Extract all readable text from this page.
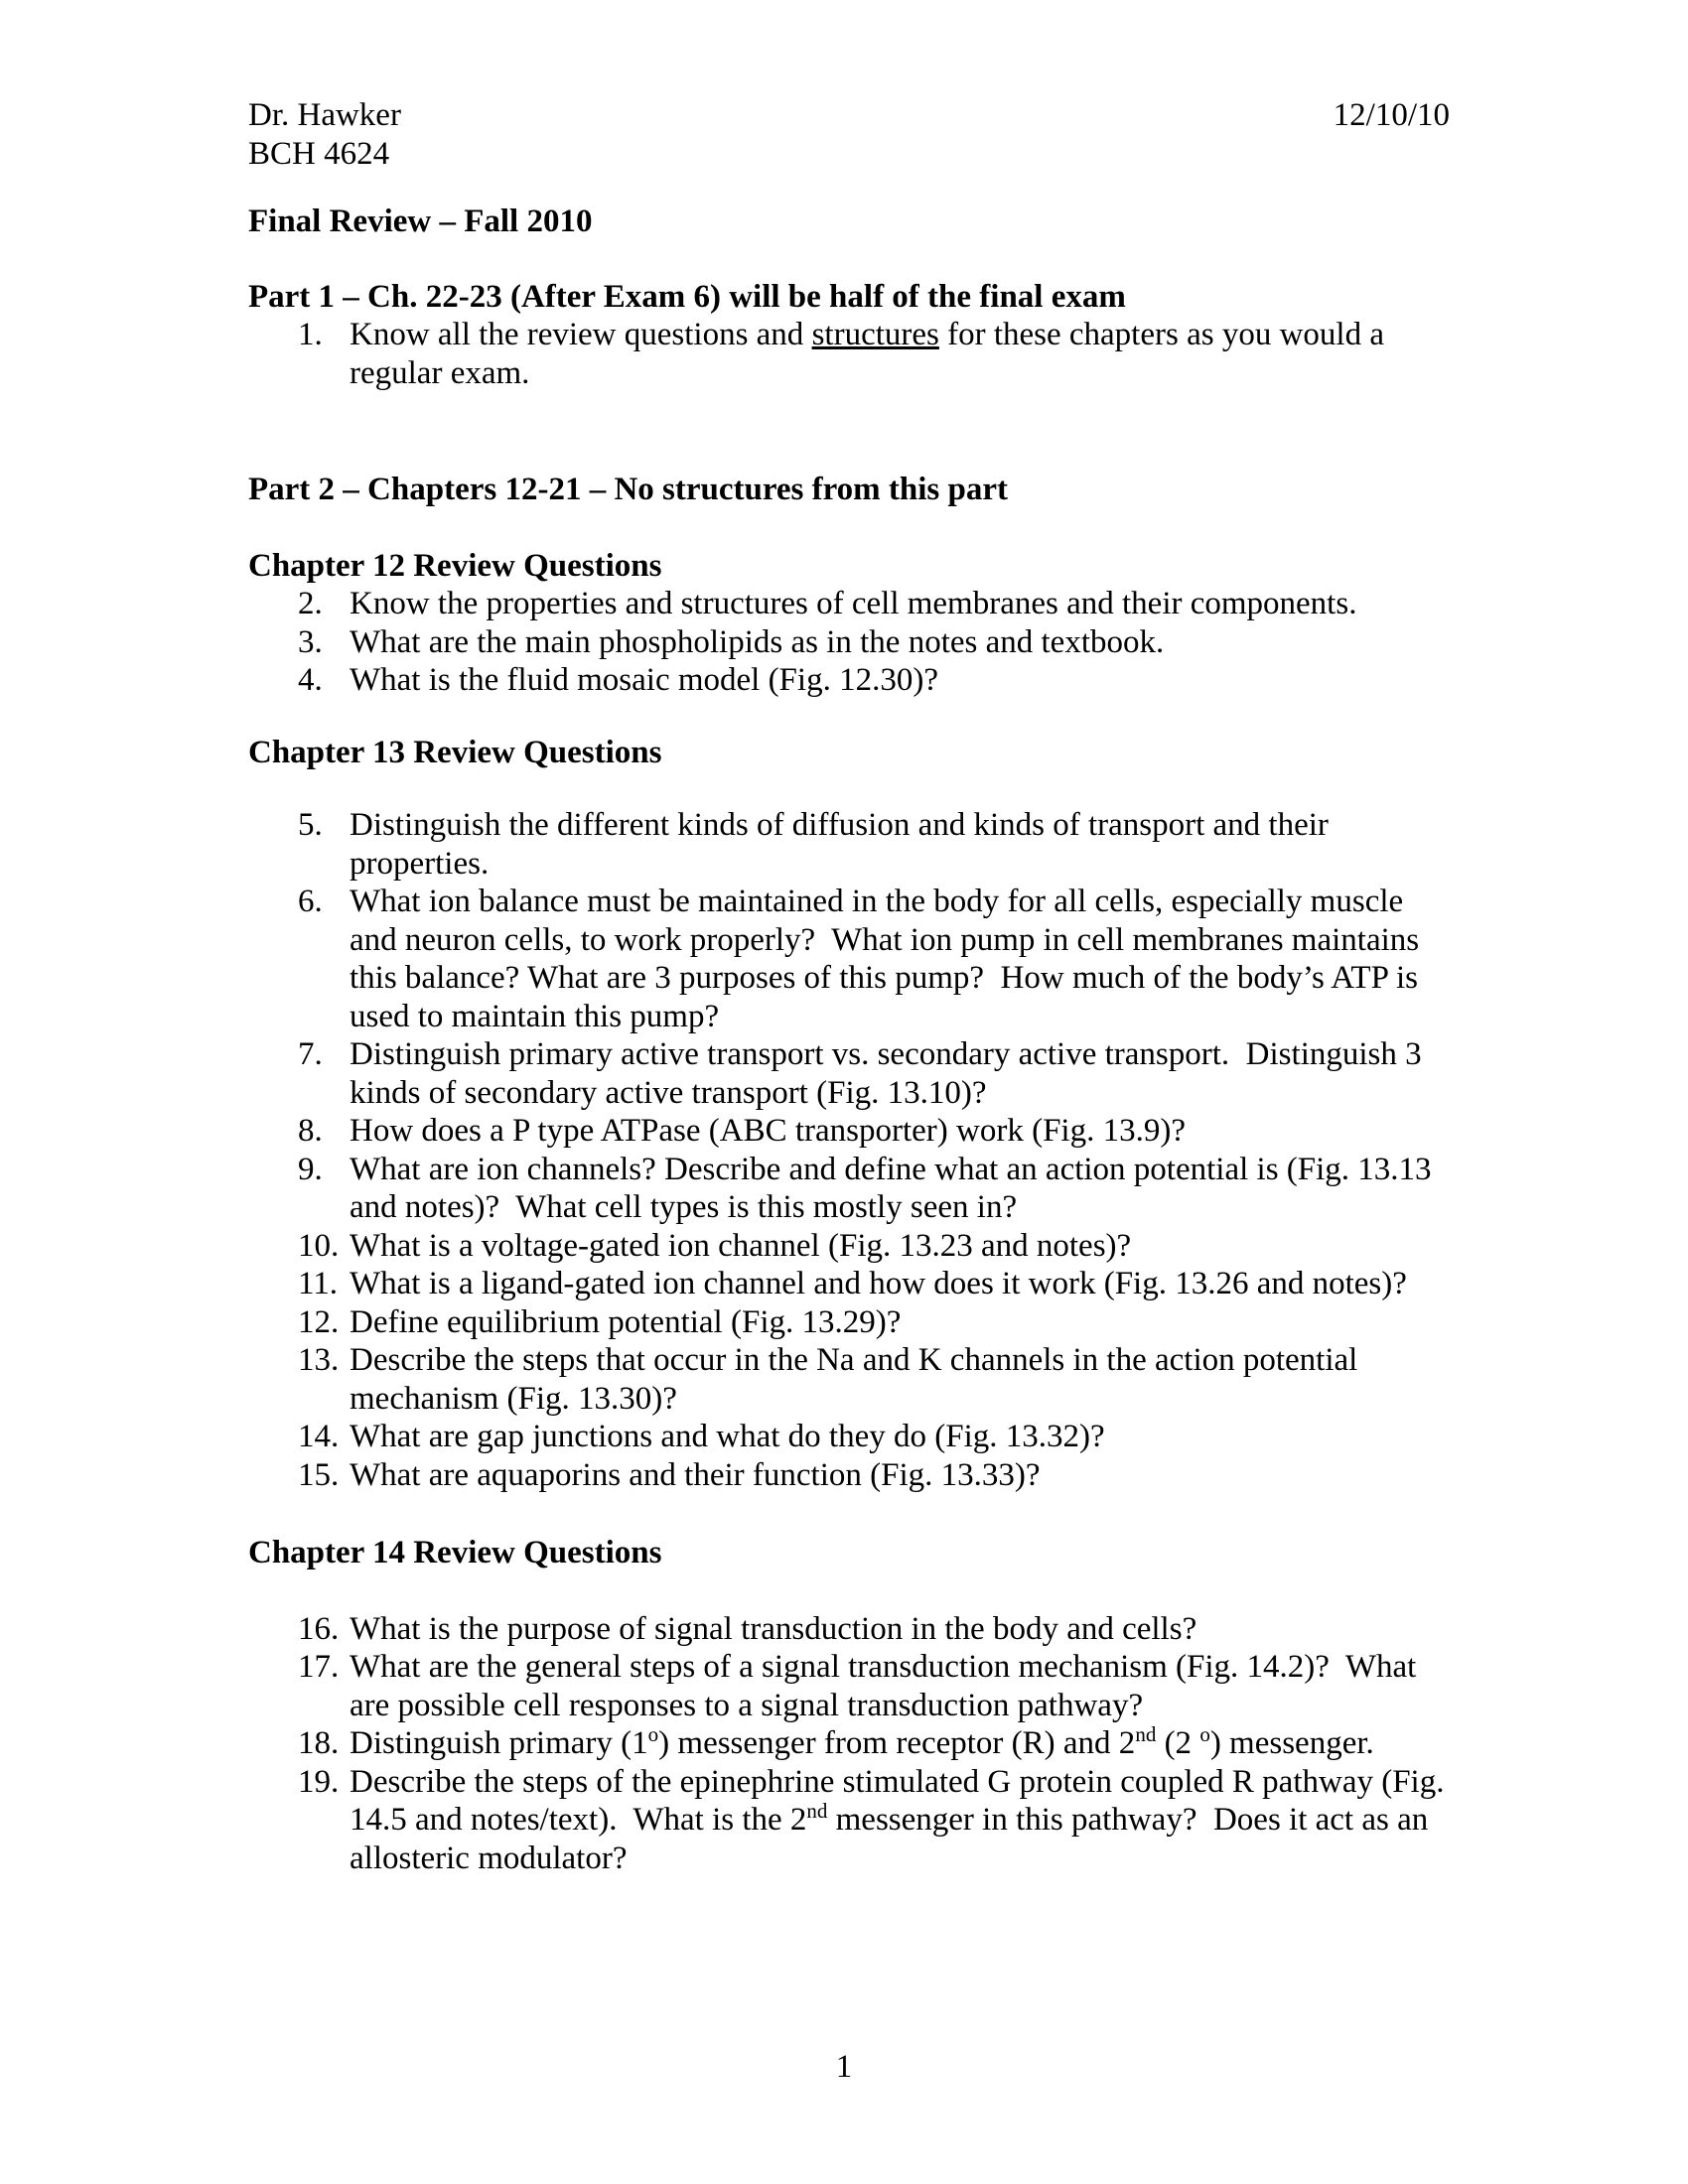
Dr. Hawker	12/10/10
BCH 4624
Final Review – Fall 2010
Part 1 – Ch. 22-23 (After Exam 6) will be half of the final exam
1. Know all the review questions and structures for these chapters as you would a regular exam.
Part 2 – Chapters 12-21 – No structures from this part
Chapter 12 Review Questions
2. Know the properties and structures of cell membranes and their components.
3. What are the main phospholipids as in the notes and textbook.
4. What is the fluid mosaic model (Fig. 12.30)?
Chapter 13 Review Questions
5. Distinguish the different kinds of diffusion and kinds of transport and their properties.
6. What ion balance must be maintained in the body for all cells, especially muscle and neuron cells, to work properly?  What ion pump in cell membranes maintains this balance? What are 3 purposes of this pump?  How much of the body’s ATP is used to maintain this pump?
7. Distinguish primary active transport vs. secondary active transport.  Distinguish 3 kinds of secondary active transport (Fig. 13.10)?
8. How does a P type ATPase (ABC transporter) work (Fig. 13.9)?
9. What are ion channels? Describe and define what an action potential is (Fig. 13.13 and notes)?  What cell types is this mostly seen in?
10. What is a voltage-gated ion channel (Fig. 13.23 and notes)?
11. What is a ligand-gated ion channel and how does it work (Fig. 13.26 and notes)?
12. Define equilibrium potential (Fig. 13.29)?
13. Describe the steps that occur in the Na and K channels in the action potential mechanism (Fig. 13.30)?
14. What are gap junctions and what do they do (Fig. 13.32)?
15. What are aquaporins and their function (Fig. 13.33)?
Chapter 14 Review Questions
16. What is the purpose of signal transduction in the body and cells?
17. What are the general steps of a signal transduction mechanism (Fig. 14.2)?  What are possible cell responses to a signal transduction pathway?
18. Distinguish primary (1$^o$) messenger from receptor (R) and 2nd (2 $^o$) messenger.
19. Describe the steps of the epinephrine stimulated G protein coupled R pathway (Fig. 14.5 and notes/text).  What is the 2nd messenger in this pathway?  Does it act as an allosteric modulator?
1
